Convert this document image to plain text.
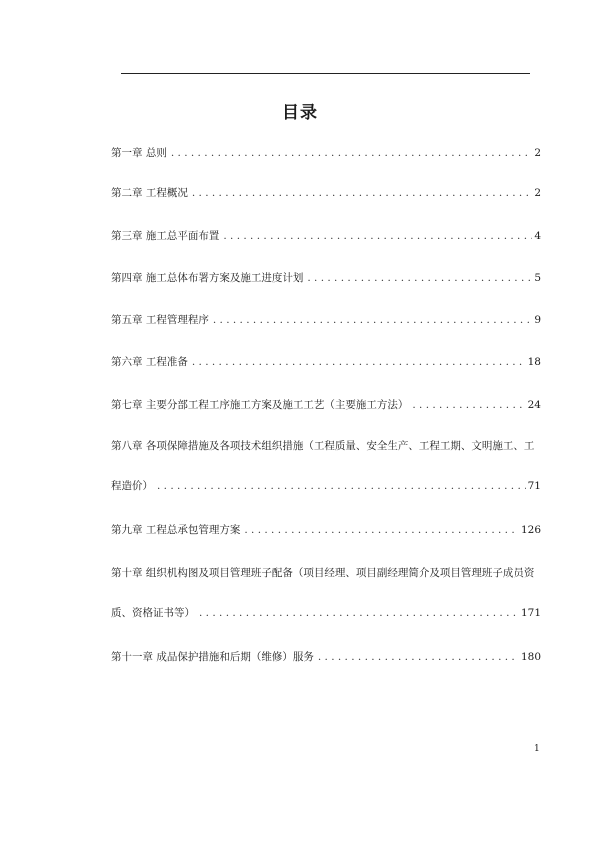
目录
第一章 总则 . . .	2
第二章 工程概况 . . .	2
第三章 施工总平面布置 . . .	4
第四章 施工总体布署方案及施工进度计划 . . .	5
第五章 工程管理程序 . . .	9
第六章 工程准备 . . .	18
第七章 主要分部工程工序施工方案及施工工艺（主要施工方法） . . .	24
第八章 各项保障措施及各项技术组织措施（工程质量、安全生产、工程工期、文明施工、工
程造价） . . .	71
第九章 工程总承包管理方案 . . .	126
第十章 组织机构图及项目管理班子配备（项目经理、项目副经理简介及项目管理班子成员资
质、资格证书等） . . .	171
第十一章 成品保护措施和后期（维修）服务 . . .	180
1
